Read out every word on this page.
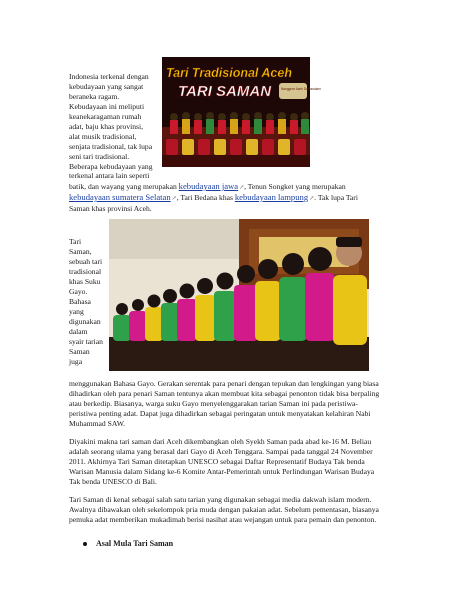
Tari Tradisional Aceh
TARI SAMAN	Nanggroe Aceh Darussalam

Indonesia terkenal dengan

kebudayaan yang sangat

beraneka ragam.

Kebudayaan ini meliputi

keanekaragaman rumah

adat, baju khas provinsi,

alat musik tradisional,

senjata tradisional, tak lupa

seni tari tradisional.

Beberapa kebudayaan yang

terkenal antara lain seperti

batik, dan wayang yang merupakan kebudayaan jawa↗, Tenun Songket yang merupakan

kebudayaan sumatera Selatan↗, Tari Bedana khas kebudayaan lampung↗. Tak lupa Tari

Saman khas provinsi Aceh.

Tari

Saman,

sebuah tari

tradisional

khas Suku

Gayo.

Bahasa

yang

digunakan

dalam

syair tarian

Saman

juga

menggunakan Bahasa Gayo. Gerakan serentak para penari dengan tepukan dan lengkingan yang biasa

dihadirkan oleh para penari Saman tentunya akan membuat kita sebagai penonton tidak bisa berpaling

atau berkedip. Biasanya, warga suku Gayo menyelenggarakan tarian Saman ini pada peristiwa-

peristiwa penting adat. Dapat juga dihadirkan sebagai peringatan untuk menyatakan kelahiran Nabi

Muhammad SAW.

Diyakini makna tari saman dari Aceh dikembangkan oleh Syekh Saman pada abad ke-16 M. Beliau

adalah seorang ulama yang berasal dari Gayo di Aceh Tenggara. Sampai pada tanggal 24 November

2011. Akhirnya Tari Saman ditetapkan UNESCO sebagai Daftar Representatif Budaya Tak benda

Warisan Manusia dalam Sidang ke-6 Komite Antar-Pemerintah untuk Perlindungan Warisan Budaya

Tak benda UNESCO di Bali.

Tari Saman di kenal sebagai salah satu tarian yang digunakan sebagai media dakwah islam modern.

Awalnya dibawakan oleh sekelompok pria muda dengan pakaian adat. Sebelum pementasan, biasanya

pemuka adat memberikan mukadimah berisi nasihat atau wejangan untuk para pemain dan penonton.

Asal Mula Tari Saman
